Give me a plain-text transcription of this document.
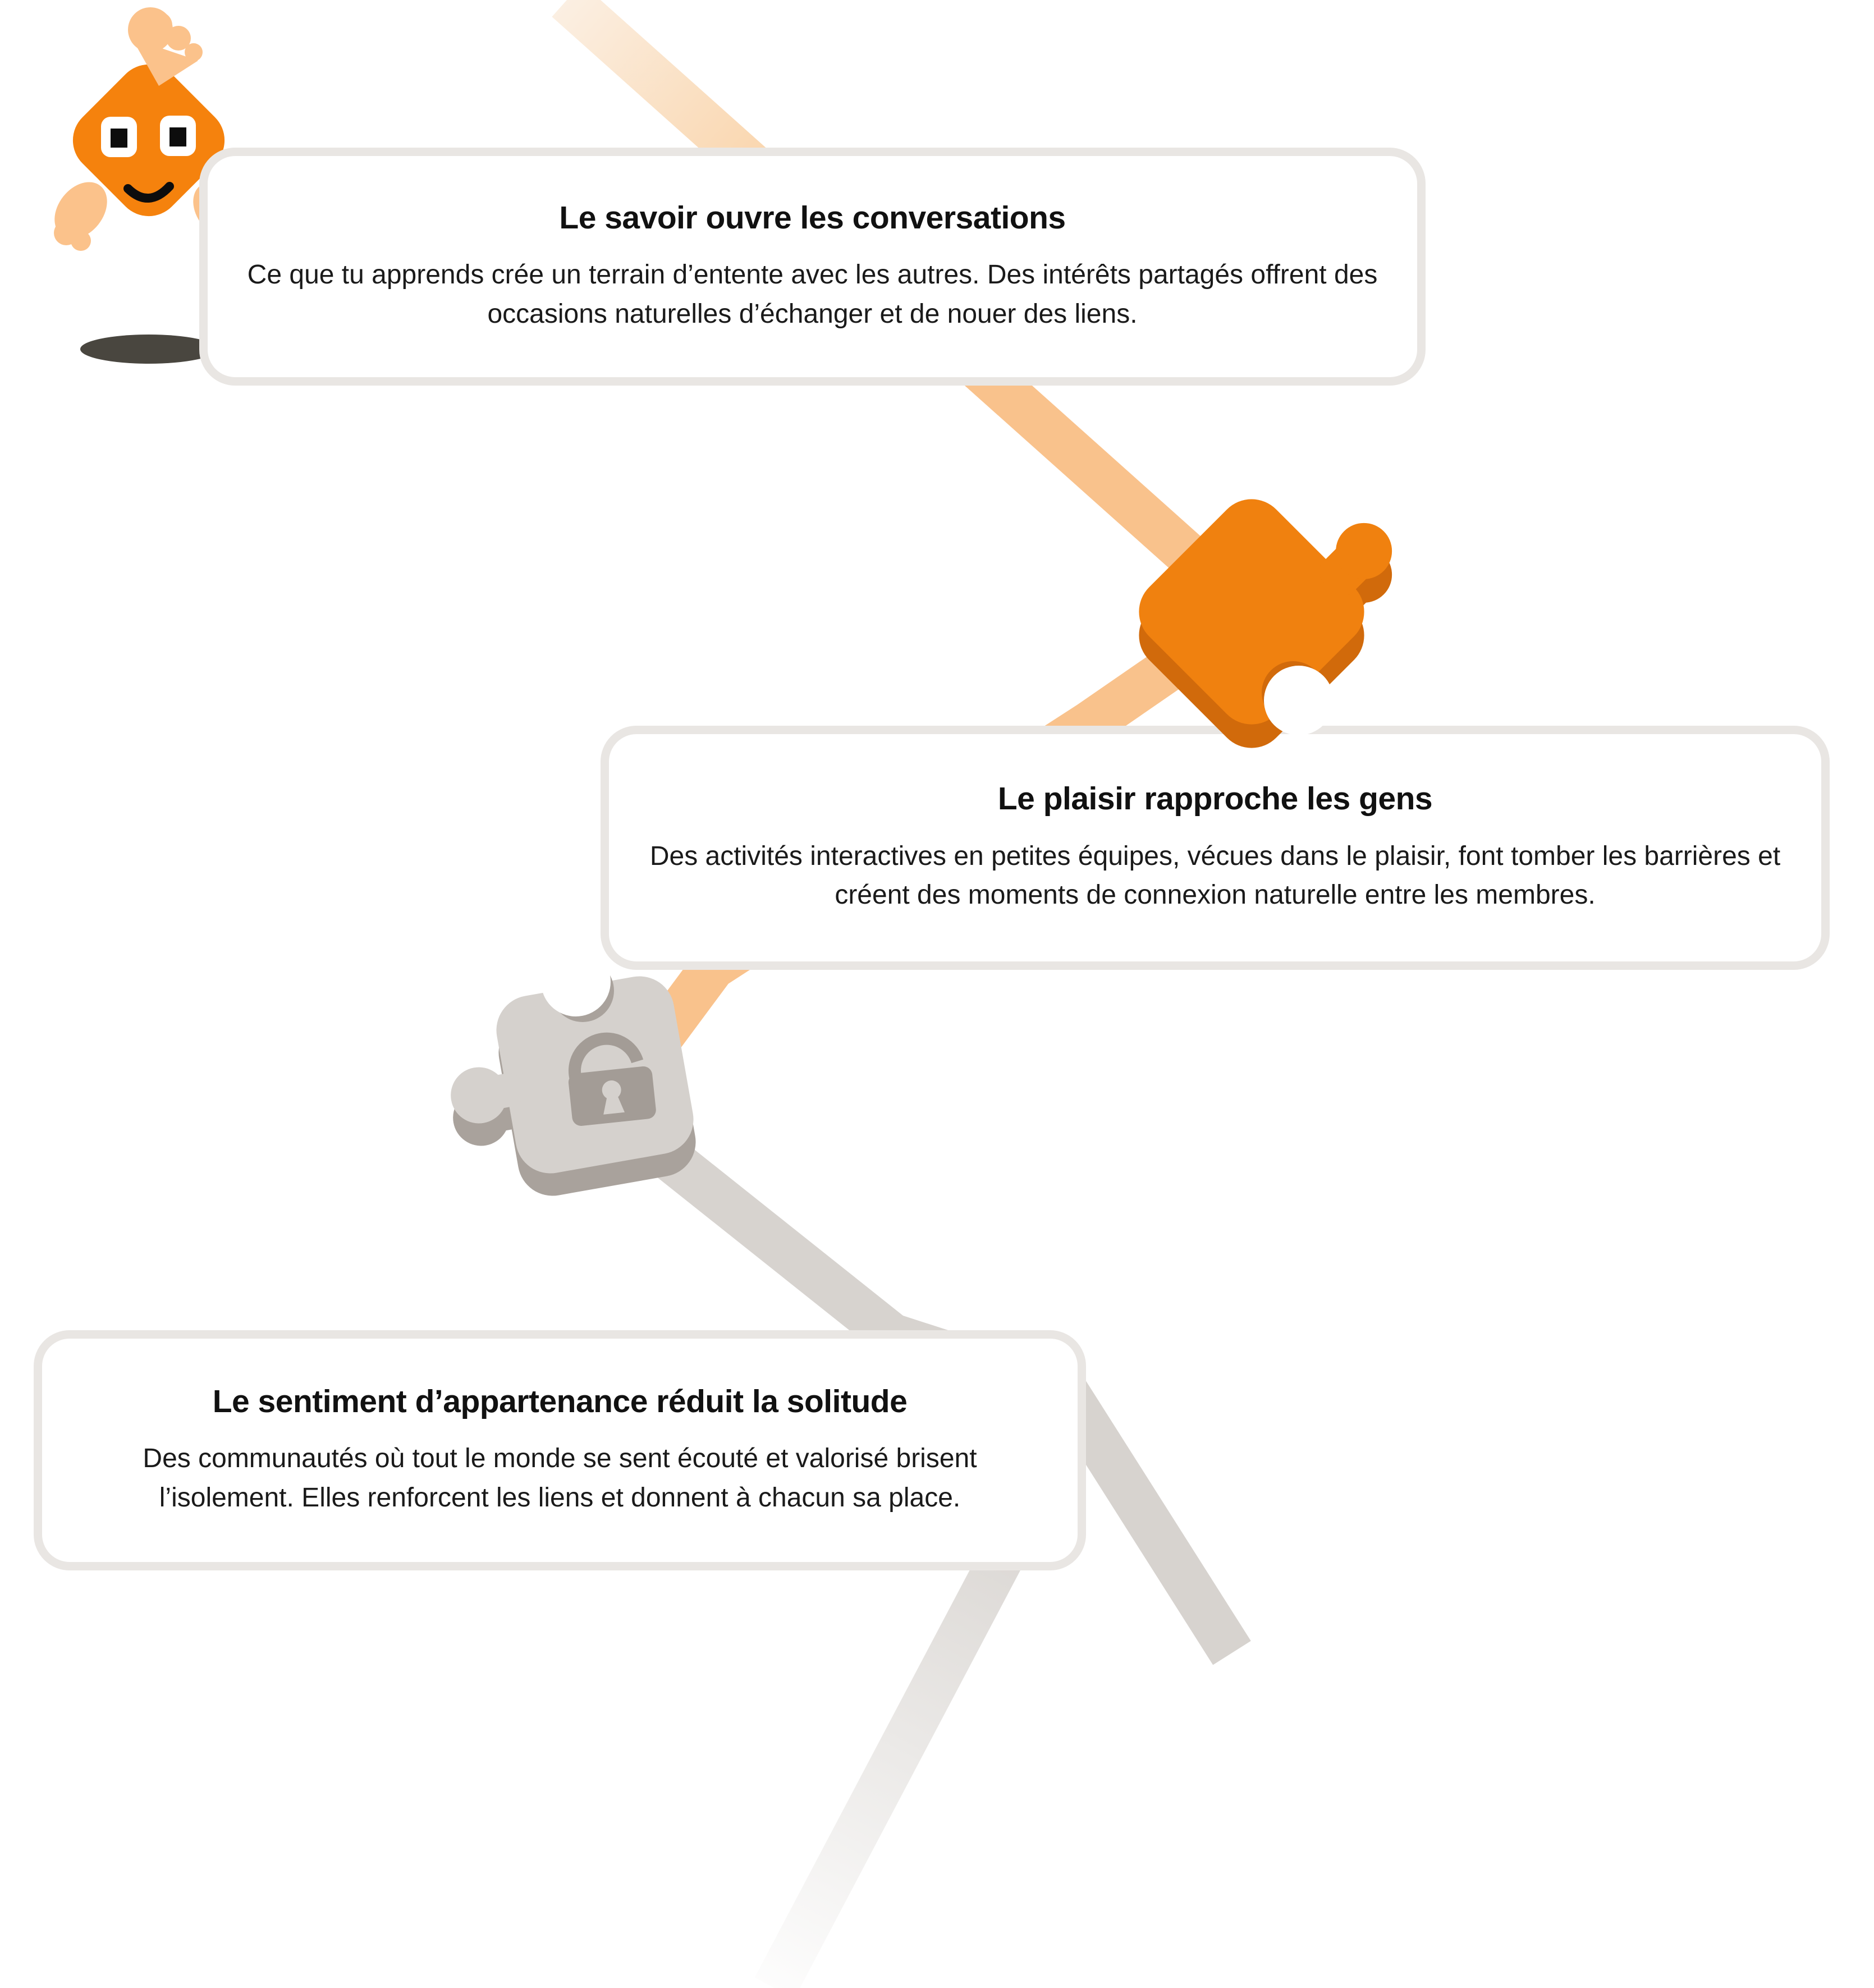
Le savoir ouvre les conversations

Ce que tu apprends crée un terrain d’entente avec les autres. Des intérêts partagés offrent des occasions naturelles d’échanger et de nouer des liens.

Le plaisir rapproche les gens

Des activités interactives en petites équipes, vécues dans le plaisir, font tomber les barrières et créent des moments de connexion naturelle entre les membres.

Le sentiment d’appartenance réduit la solitude

Des communautés où tout le monde se sent écouté et valorisé brisent l’isolement. Elles renforcent les liens et donnent à chacun sa place.
